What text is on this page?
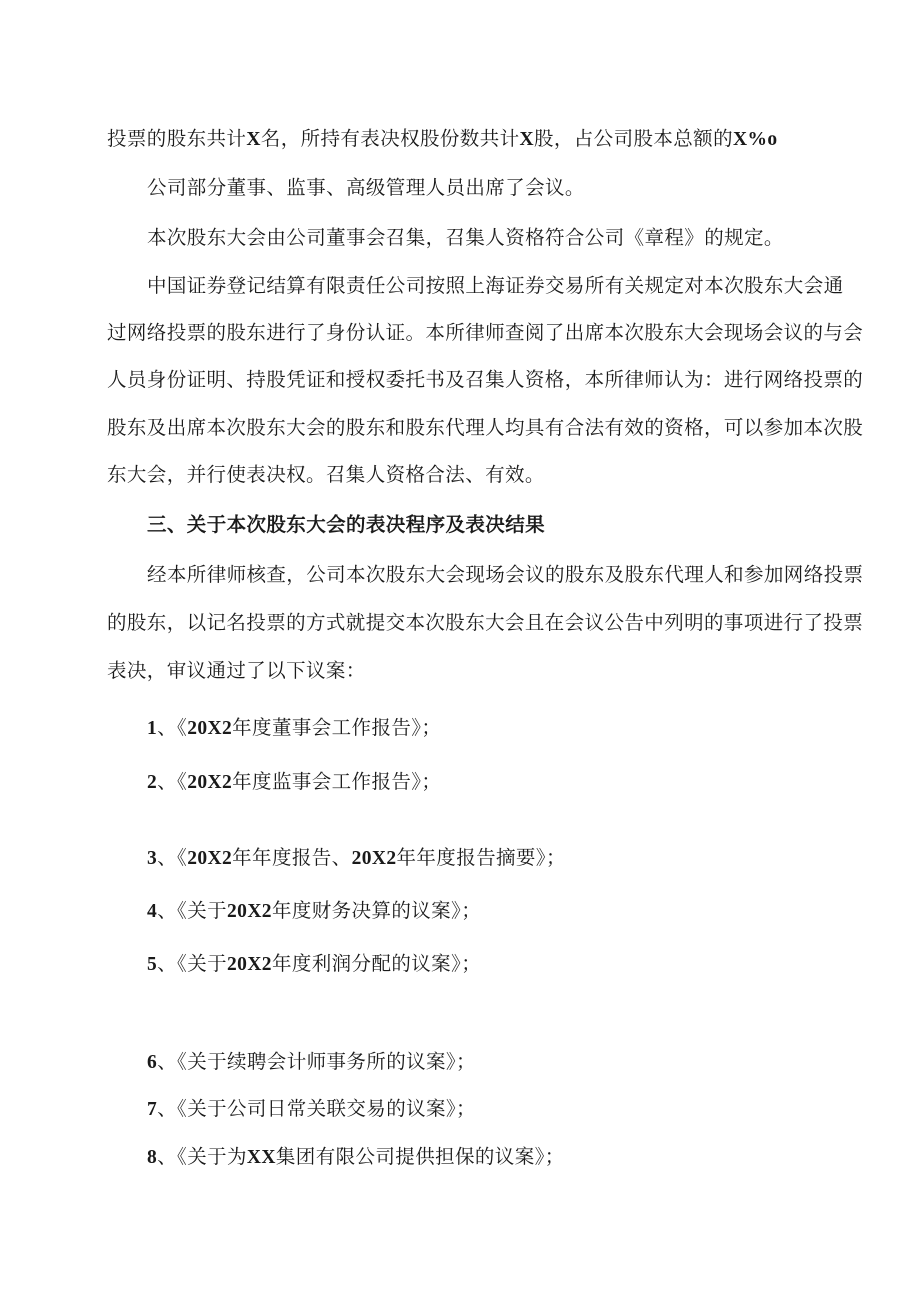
投票的股东共计X名，所持有表决权股份数共计X股，占公司股本总额的X%o
公司部分董事、监事、高级管理人员出席了会议。
本次股东大会由公司董事会召集，召集人资格符合公司《章程》的规定。
中国证券登记结算有限责任公司按照上海证券交易所有关规定对本次股东大会通
过网络投票的股东进行了身份认证。本所律师查阅了出席本次股东大会现场会议的与会
人员身份证明、持股凭证和授权委托书及召集人资格，本所律师认为：进行网络投票的
股东及出席本次股东大会的股东和股东代理人均具有合法有效的资格，可以参加本次股
东大会，并行使表决权。召集人资格合法、有效。
三、关于本次股东大会的表决程序及表决结果
经本所律师核查，公司本次股东大会现场会议的股东及股东代理人和参加网络投票
的股东，以记名投票的方式就提交本次股东大会且在会议公告中列明的事项进行了投票
表决，审议通过了以下议案：
1、《20X2年度董事会工作报告》；
2、《20X2年度监事会工作报告》；
3、《20X2年年度报告、20X2年年度报告摘要》；
4、《关于20X2年度财务决算的议案》；
5、《关于20X2年度利润分配的议案》；
6、《关于续聘会计师事务所的议案》；
7、《关于公司日常关联交易的议案》；
8、《关于为XX集团有限公司提供担保的议案》；
